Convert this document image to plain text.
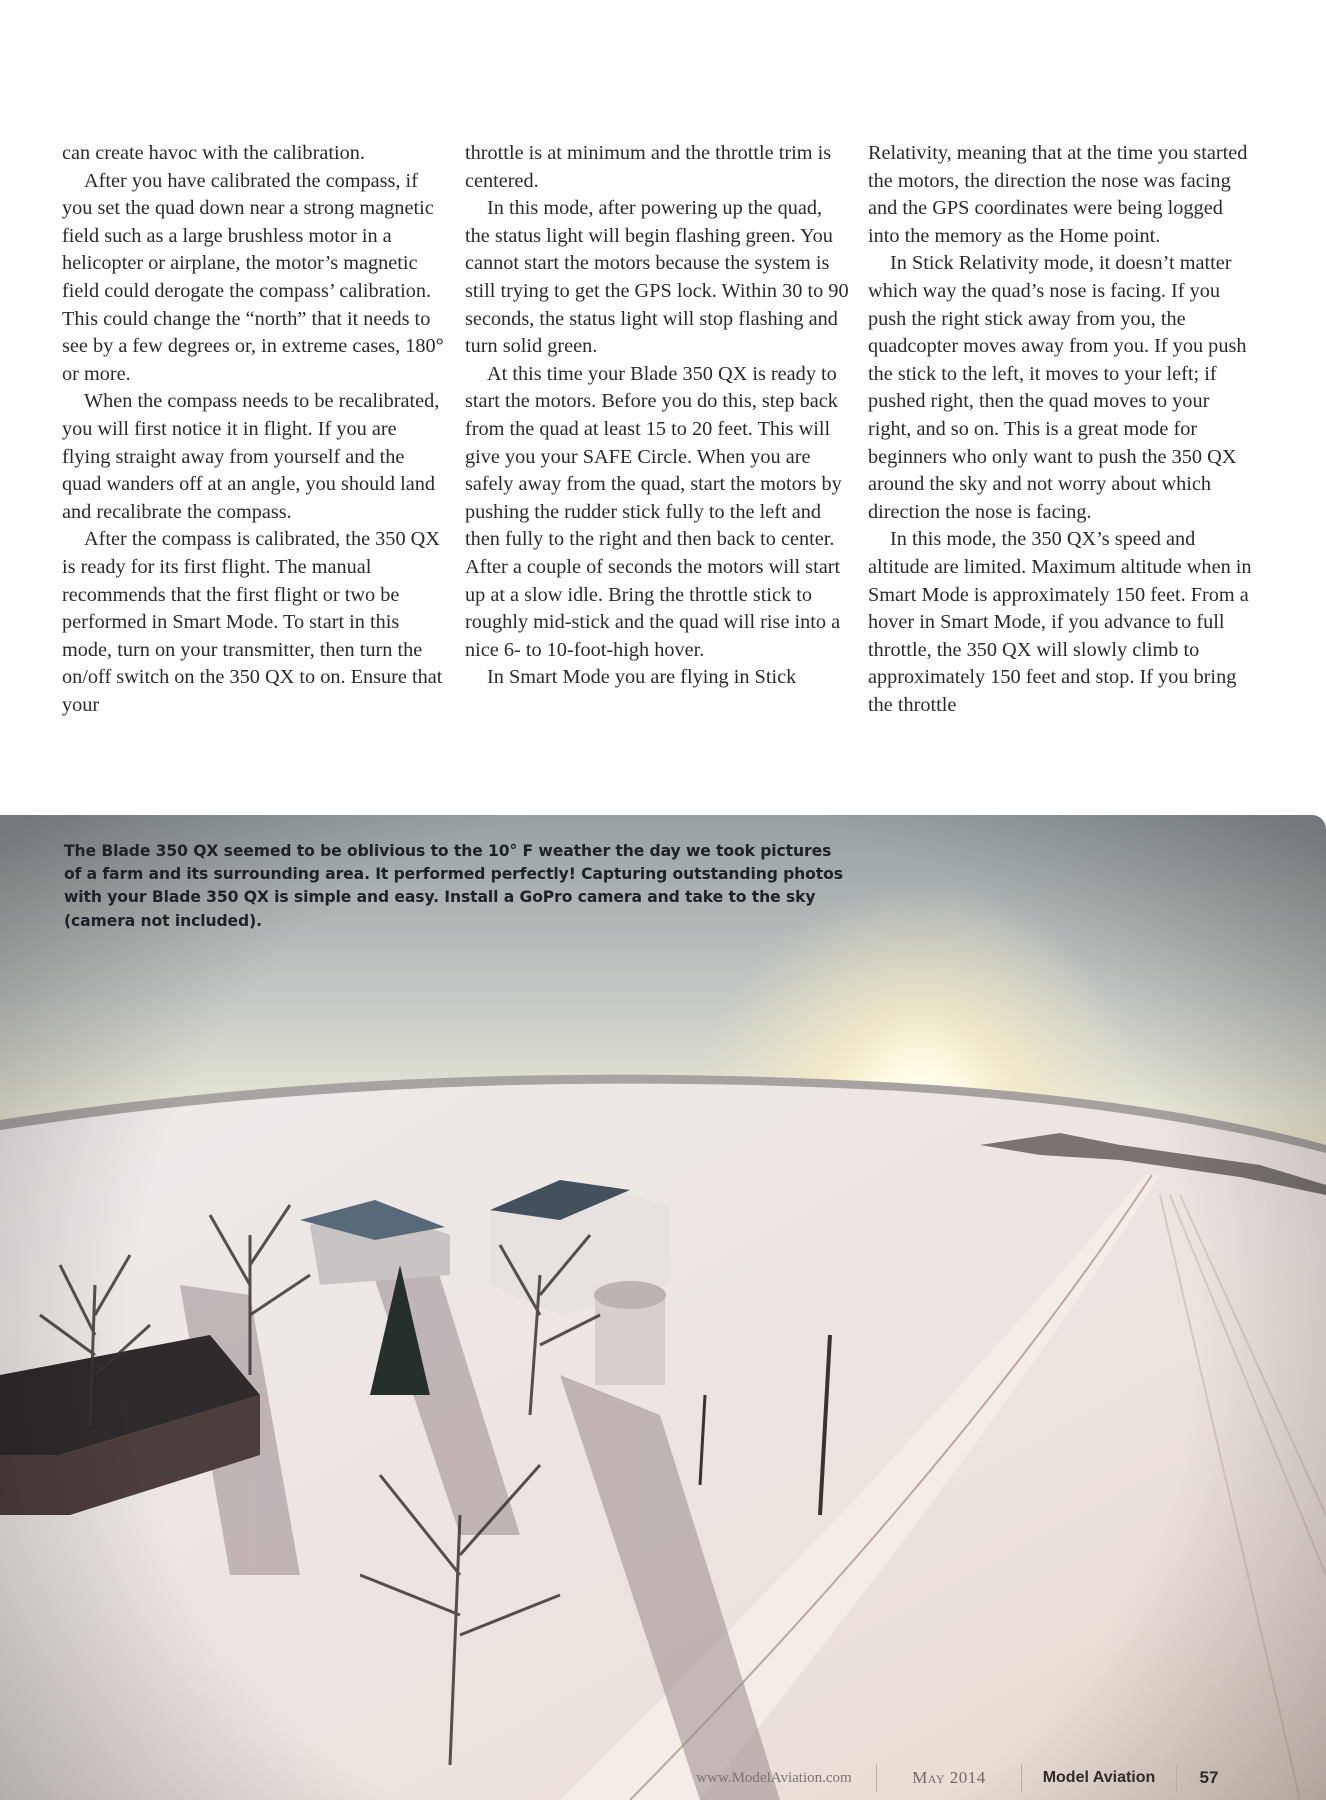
can create havoc with the calibration.

After you have calibrated the compass, if you set the quad down near a strong magnetic field such as a large brushless motor in a helicopter or airplane, the motor’s magnetic field could derogate the compass’ calibration. This could change the “north” that it needs to see by a few degrees or, in extreme cases, 180° or more.

When the compass needs to be recalibrated, you will first notice it in flight. If you are flying straight away from yourself and the quad wanders off at an angle, you should land and recalibrate the compass.

After the compass is calibrated, the 350 QX is ready for its first flight. The manual recommends that the first flight or two be performed in Smart Mode. To start in this mode, turn on your transmitter, then turn the on/off switch on the 350 QX to on. Ensure that your

throttle is at minimum and the throttle trim is centered.

In this mode, after powering up the quad, the status light will begin flashing green. You cannot start the motors because the system is still trying to get the GPS lock. Within 30 to 90 seconds, the status light will stop flashing and turn solid green.

At this time your Blade 350 QX is ready to start the motors. Before you do this, step back from the quad at least 15 to 20 feet. This will give you your SAFE Circle. When you are safely away from the quad, start the motors by pushing the rudder stick fully to the left and then fully to the right and then back to center. After a couple of seconds the motors will start up at a slow idle. Bring the throttle stick to roughly mid-stick and the quad will rise into a nice 6- to 10-foot-high hover.

In Smart Mode you are flying in Stick

Relativity, meaning that at the time you started the motors, the direction the nose was facing and the GPS coordinates were being logged into the memory as the Home point.

In Stick Relativity mode, it doesn’t matter which way the quad’s nose is facing. If you push the right stick away from you, the quadcopter moves away from you. If you push the stick to the left, it moves to your left; if pushed right, then the quad moves to your right, and so on. This is a great mode for beginners who only want to push the 350 QX around the sky and not worry about which direction the nose is facing.

In this mode, the 350 QX’s speed and altitude are limited. Maximum altitude when in Smart Mode is approximately 150 feet. From a hover in Smart Mode, if you advance to full throttle, the 350 QX will slowly climb to approximately 150 feet and stop. If you bring the throttle

The Blade 350 QX seemed to be oblivious to the 10° F weather the day we took pictures of a farm and its surrounding area. It performed perfectly! Capturing outstanding photos with your Blade 350 QX is simple and easy. Install a GoPro camera and take to the sky (camera not included).

www.ModelAviation.com	May 2014	Model Aviation	57
